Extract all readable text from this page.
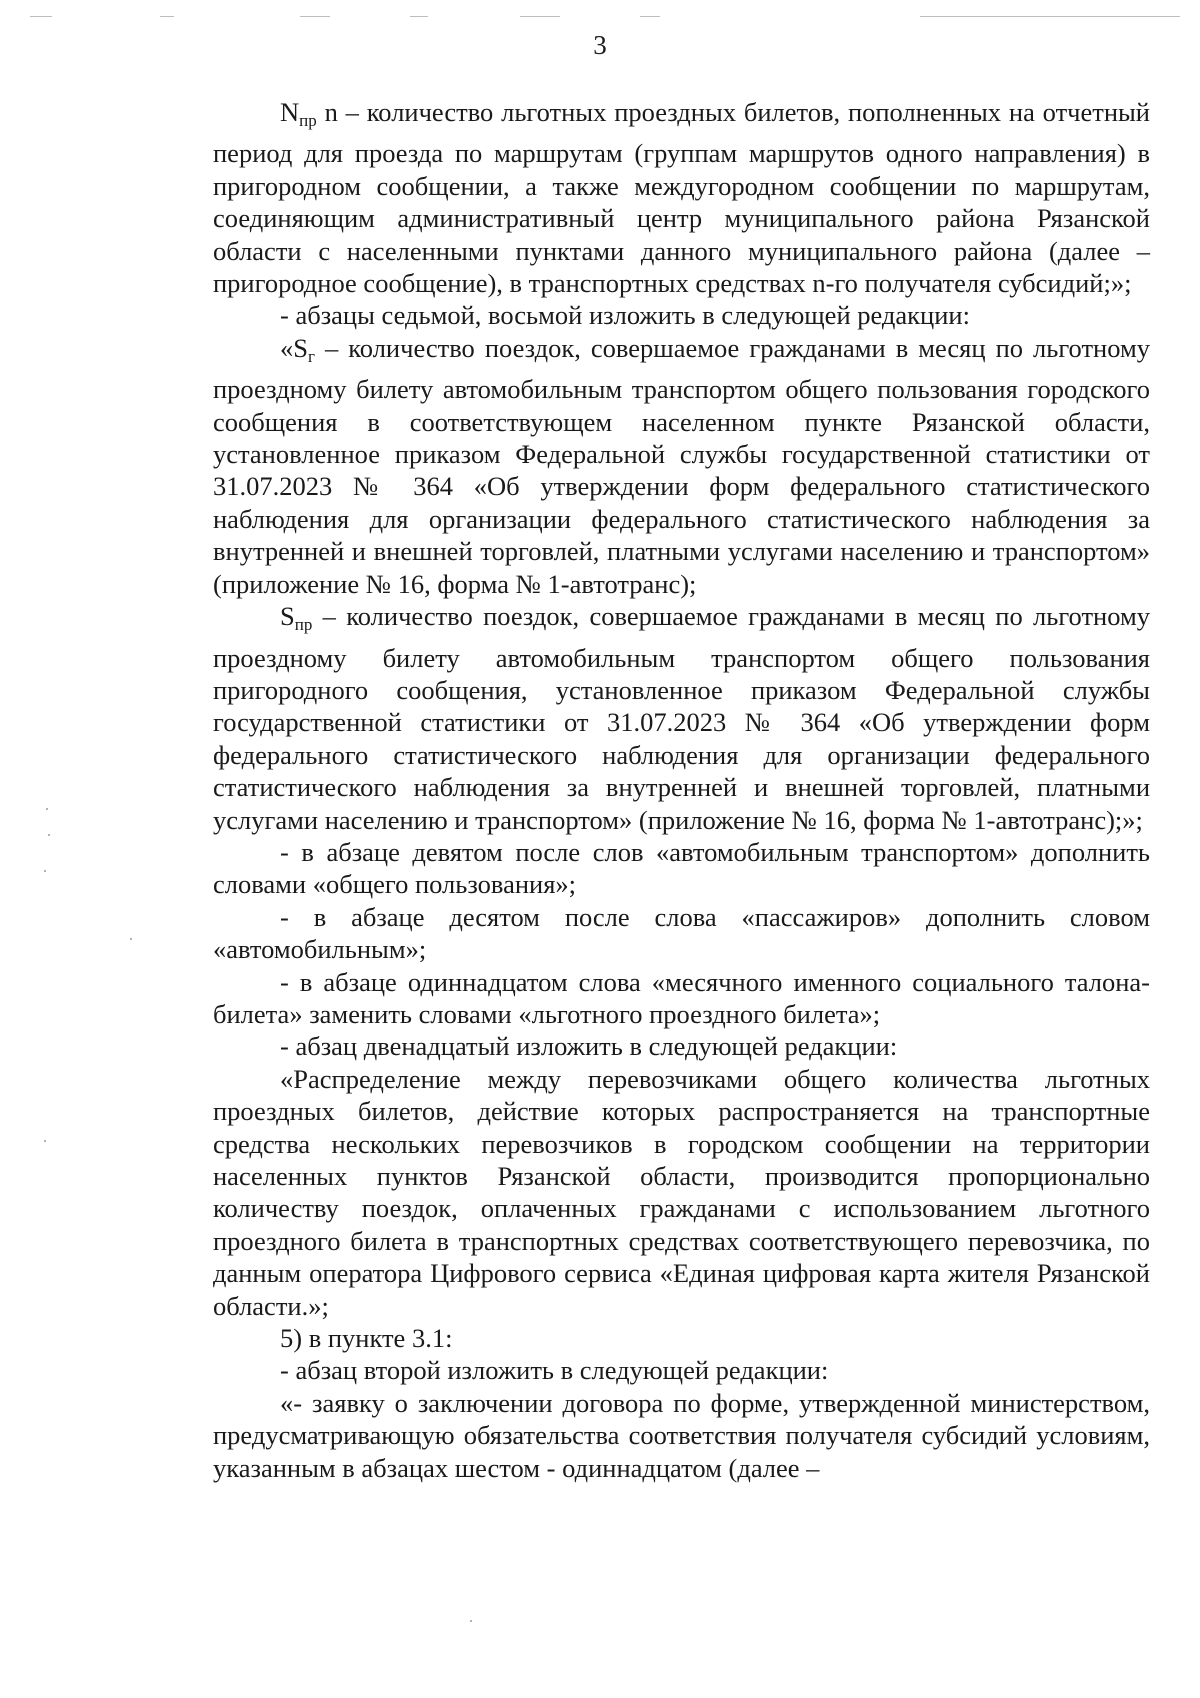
3

$N_{пр}$ n – количество льготных проездных билетов, пополненных на отчетный период для проезда по маршрутам (группам маршрутов одного направления) в пригородном сообщении, а также междугородном сообщении по маршрутам, соединяющим административный центр муниципального района Рязанской области с населенными пунктами данного муниципального района (далее – пригородное сообщение), в транспортных средствах n-го получателя субсидий;»;

- абзацы седьмой, восьмой изложить в следующей редакции:

«$S_г$ – количество поездок, совершаемое гражданами в месяц по льготному проездному билету автомобильным транспортом общего пользования городского сообщения в соответствующем населенном пункте Рязанской области, установленное приказом Федеральной службы государственной статистики от 31.07.2023 № 364 «Об утверждении форм федерального статистического наблюдения для организации федерального статистического наблюдения за внутренней и внешней торговлей, платными услугами населению и транспортом» (приложение № 16, форма № 1-автотранс);

$S_{пр}$ – количество поездок, совершаемое гражданами в месяц по льготному проездному билету автомобильным транспортом общего пользования пригородного сообщения, установленное приказом Федеральной службы государственной статистики от 31.07.2023 № 364 «Об утверждении форм федерального статистического наблюдения для организации федерального статистического наблюдения за внутренней и внешней торговлей, платными услугами населению и транспортом» (приложение № 16, форма № 1-автотранс);»;

- в абзаце девятом после слов «автомобильным транспортом» дополнить словами «общего пользования»;

- в абзаце десятом после слова «пассажиров» дополнить словом «автомобильным»;

- в абзаце одиннадцатом слова «месячного именного социального талона-билета» заменить словами «льготного проездного билета»;

- абзац двенадцатый изложить в следующей редакции:

«Распределение между перевозчиками общего количества льготных проездных билетов, действие которых распространяется на транспортные средства нескольких перевозчиков в городском сообщении на территории населенных пунктов Рязанской области, производится пропорционально количеству поездок, оплаченных гражданами с использованием льготного проездного билета в транспортных средствах соответствующего перевозчика, по данным оператора Цифрового сервиса «Единая цифровая карта жителя Рязанской области.»;

5) в пункте 3.1:

- абзац второй изложить в следующей редакции:

«- заявку о заключении договора по форме, утвержденной министерством, предусматривающую обязательства соответствия получателя субсидий условиям, указанным в абзацах шестом - одиннадцатом (далее –
